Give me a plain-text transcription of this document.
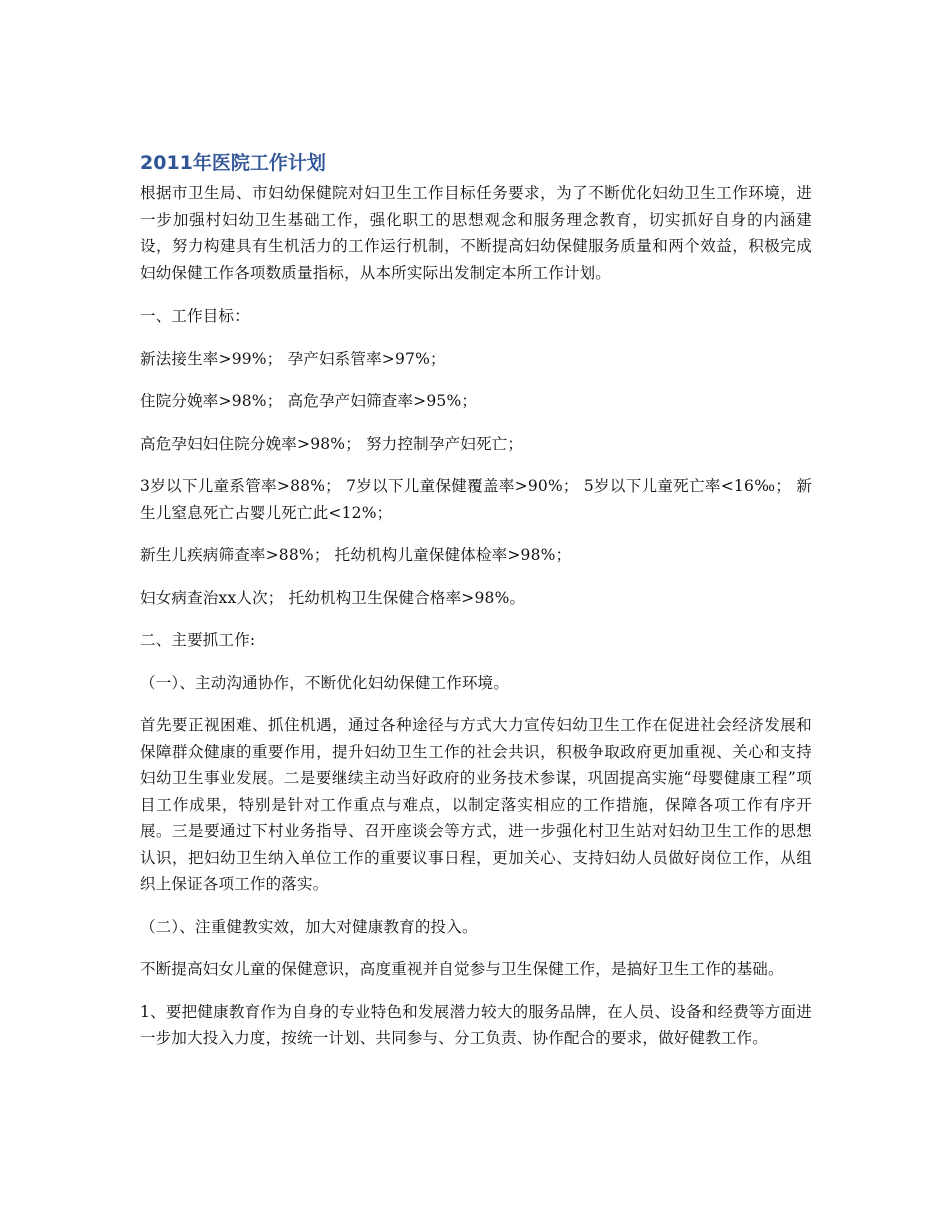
2011年医院工作计划

根据市卫生局、市妇幼保健院对妇卫生工作目标任务要求，为了不断优化妇幼卫生工作环境，进一步加强村妇幼卫生基础工作，强化职工的思想观念和服务理念教育，切实抓好自身的内涵建设，努力构建具有生机活力的工作运行机制，不断提高妇幼保健服务质量和两个效益，积极完成妇幼保健工作各项数质量指标，从本所实际出发制定本所工作计划。

一、工作目标：

新法接生率>99%； 孕产妇系管率>97%；

住院分娩率>98%； 高危孕产妇筛查率>95%；

高危孕妇妇住院分娩率>98%； 努力控制孕产妇死亡；

3岁以下儿童系管率>88%； 7岁以下儿童保健覆盖率>90%； 5岁以下儿童死亡率<16‰； 新生儿窒息死亡占婴儿死亡此<12%；

新生儿疾病筛查率>88%； 托幼机构儿童保健体检率>98%；

妇女病查治xx人次； 托幼机构卫生保健合格率>98%。

二、主要抓工作:

（一）、主动沟通协作，不断优化妇幼保健工作环境。

首先要正视困难、抓住机遇，通过各种途径与方式大力宣传妇幼卫生工作在促进社会经济发展和保障群众健康的重要作用，提升妇幼卫生工作的社会共识，积极争取政府更加重视、关心和支持妇幼卫生事业发展。二是要继续主动当好政府的业务技术参谋，巩固提高实施“母婴健康工程”项目工作成果，特别是针对工作重点与难点，以制定落实相应的工作措施，保障各项工作有序开展。三是要通过下村业务指导、召开座谈会等方式，进一步强化村卫生站对妇幼卫生工作的思想认识，把妇幼卫生纳入单位工作的重要议事日程，更加关心、支持妇幼人员做好岗位工作，从组织上保证各项工作的落实。

（二）、注重健教实效，加大对健康教育的投入。

不断提高妇女儿童的保健意识，高度重视并自觉参与卫生保健工作，是搞好卫生工作的基础。

1、要把健康教育作为自身的专业特色和发展潜力较大的服务品牌，在人员、设备和经费等方面进一步加大投入力度，按统一计划、共同参与、分工负责、协作配合的要求，做好健教工作。
